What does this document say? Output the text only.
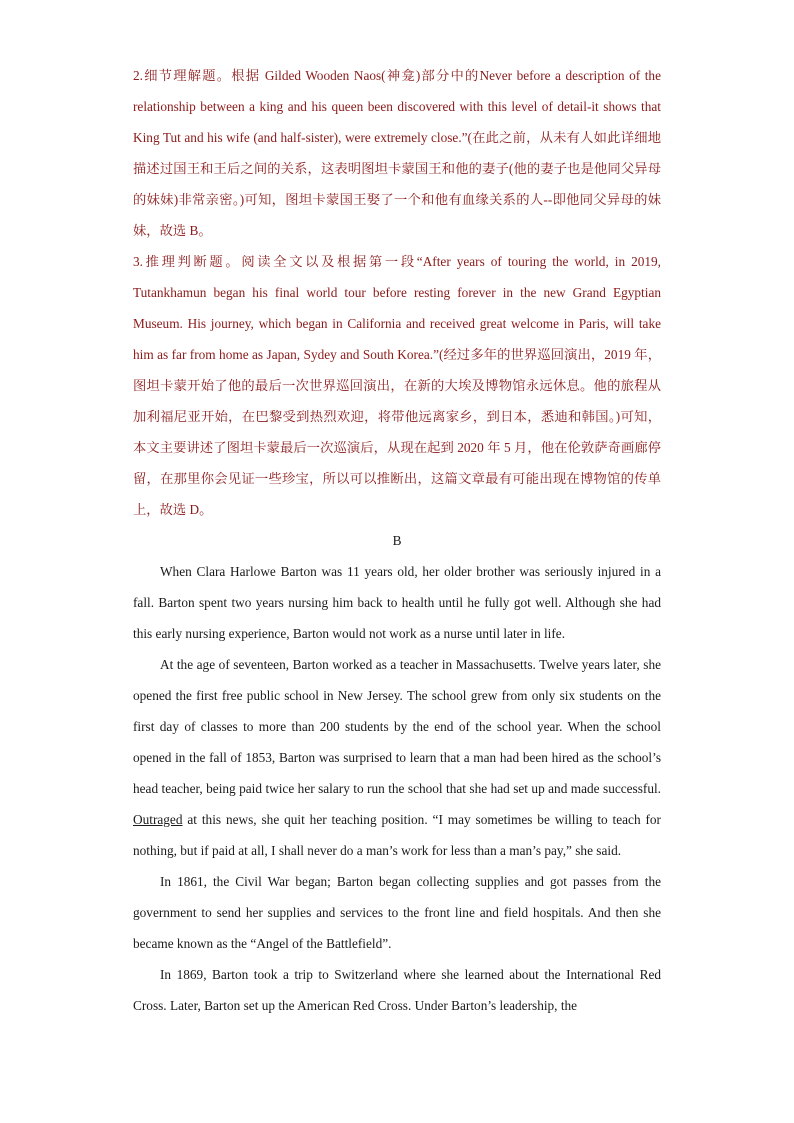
2.细节理解题。根据 Gilded Wooden Naos(神龛)部分中的Never before a description of the relationship between a king and his queen been discovered with this level of detail-it shows that King Tut and his wife (and half-sister), were extremely close.”(在此之前，从未有人如此详细地描述过国王和王后之间的关系，这表明图坦卡蒙国王和他的妻子(他的妻子也是他同父异母的妹妹)非常亲密。)可知，图坦卡蒙国王娶了一个和他有血缘关系的人--即他同父异母的妹妹，故选 B。

3.推理判断题。阅读全文以及根据第一段“After years of touring the world, in 2019, Tutankhamun began his final world tour before resting forever in the new Grand Egyptian Museum. His journey, which began in California and received great welcome in Paris, will take him as far from home as Japan, Sydey and South Korea.”(经过多年的世界巡回演出，2019 年，图坦卡蒙开始了他的最后一次世界巡回演出，在新的大埃及博物馆永远休息。他的旅程从加利福尼亚开始，在巴黎受到热烈欢迎，将带他远离家乡，到日本，悉迪和韩国。)可知，本文主要讲述了图坦卡蒙最后一次巡演后，从现在起到 2020 年 5 月，他在伦敦萨奇画廊停留，在那里你会见证一些珍宝，所以可以推断出，这篇文章最有可能出现在博物馆的传单上，故选 D。

B

When Clara Harlowe Barton was 11 years old, her older brother was seriously injured in a fall. Barton spent two years nursing him back to health until he fully got well. Although she had this early nursing experience, Barton would not work as a nurse until later in life.

At the age of seventeen, Barton worked as a teacher in Massachusetts. Twelve years later, she opened the first free public school in New Jersey. The school grew from only six students on the first day of classes to more than 200 students by the end of the school year. When the school opened in the fall of 1853, Barton was surprised to learn that a man had been hired as the school’s head teacher, being paid twice her salary to run the school that she had set up and made successful. Outraged at this news, she quit her teaching position. “I may sometimes be willing to teach for nothing, but if paid at all, I shall never do a man’s work for less than a man’s pay,” she said.

In 1861, the Civil War began; Barton began collecting supplies and got passes from the government to send her supplies and services to the front line and field hospitals. And then she became known as the “Angel of the Battlefield”.

In 1869, Barton took a trip to Switzerland where she learned about the International Red Cross. Later, Barton set up the American Red Cross. Under Barton’s leadership, the
